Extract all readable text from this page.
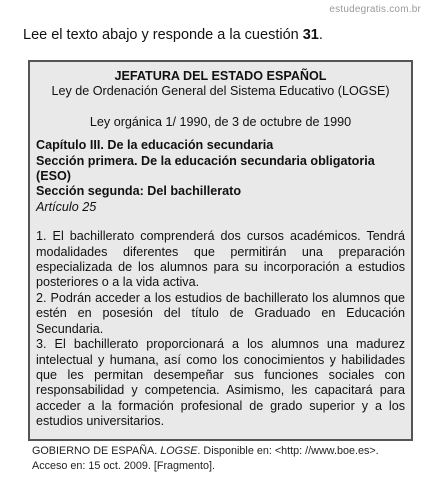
estudegratis.com.br
Lee el texto abajo y responde a la cuestión 31.
JEFATURA DEL ESTADO ESPAÑOL
Ley de Ordenación General del Sistema Educativo (LOGSE)
Ley orgánica 1/ 1990, de 3 de octubre de 1990
Capítulo III. De la educación secundaria
Sección primera. De la educación secundaria obligatoria (ESO)
Sección segunda: Del bachillerato
Artículo 25

1. El bachillerato comprenderá dos cursos académicos. Tendrá modalidades diferentes que permitirán una preparación especializada de los alumnos para su incorporación a estudios posteriores o a la vida activa.

2. Podrán acceder a los estudios de bachillerato los alumnos que estén en posesión del título de Graduado en Educación Secundaria.

3. El bachillerato proporcionará a los alumnos una madurez intelectual y humana, así como los conocimientos y habilidades que les permitan desempeñar sus funciones sociales con responsabilidad y competencia. Asimismo, les capacitará para acceder a la formación profesional de grado superior y a los estudios universitarios.

GOBIERNO DE ESPAÑA. LOGSE. Disponible en: <http: //www.boe.es>. Acceso en: 15 oct. 2009. [Fragmento].
